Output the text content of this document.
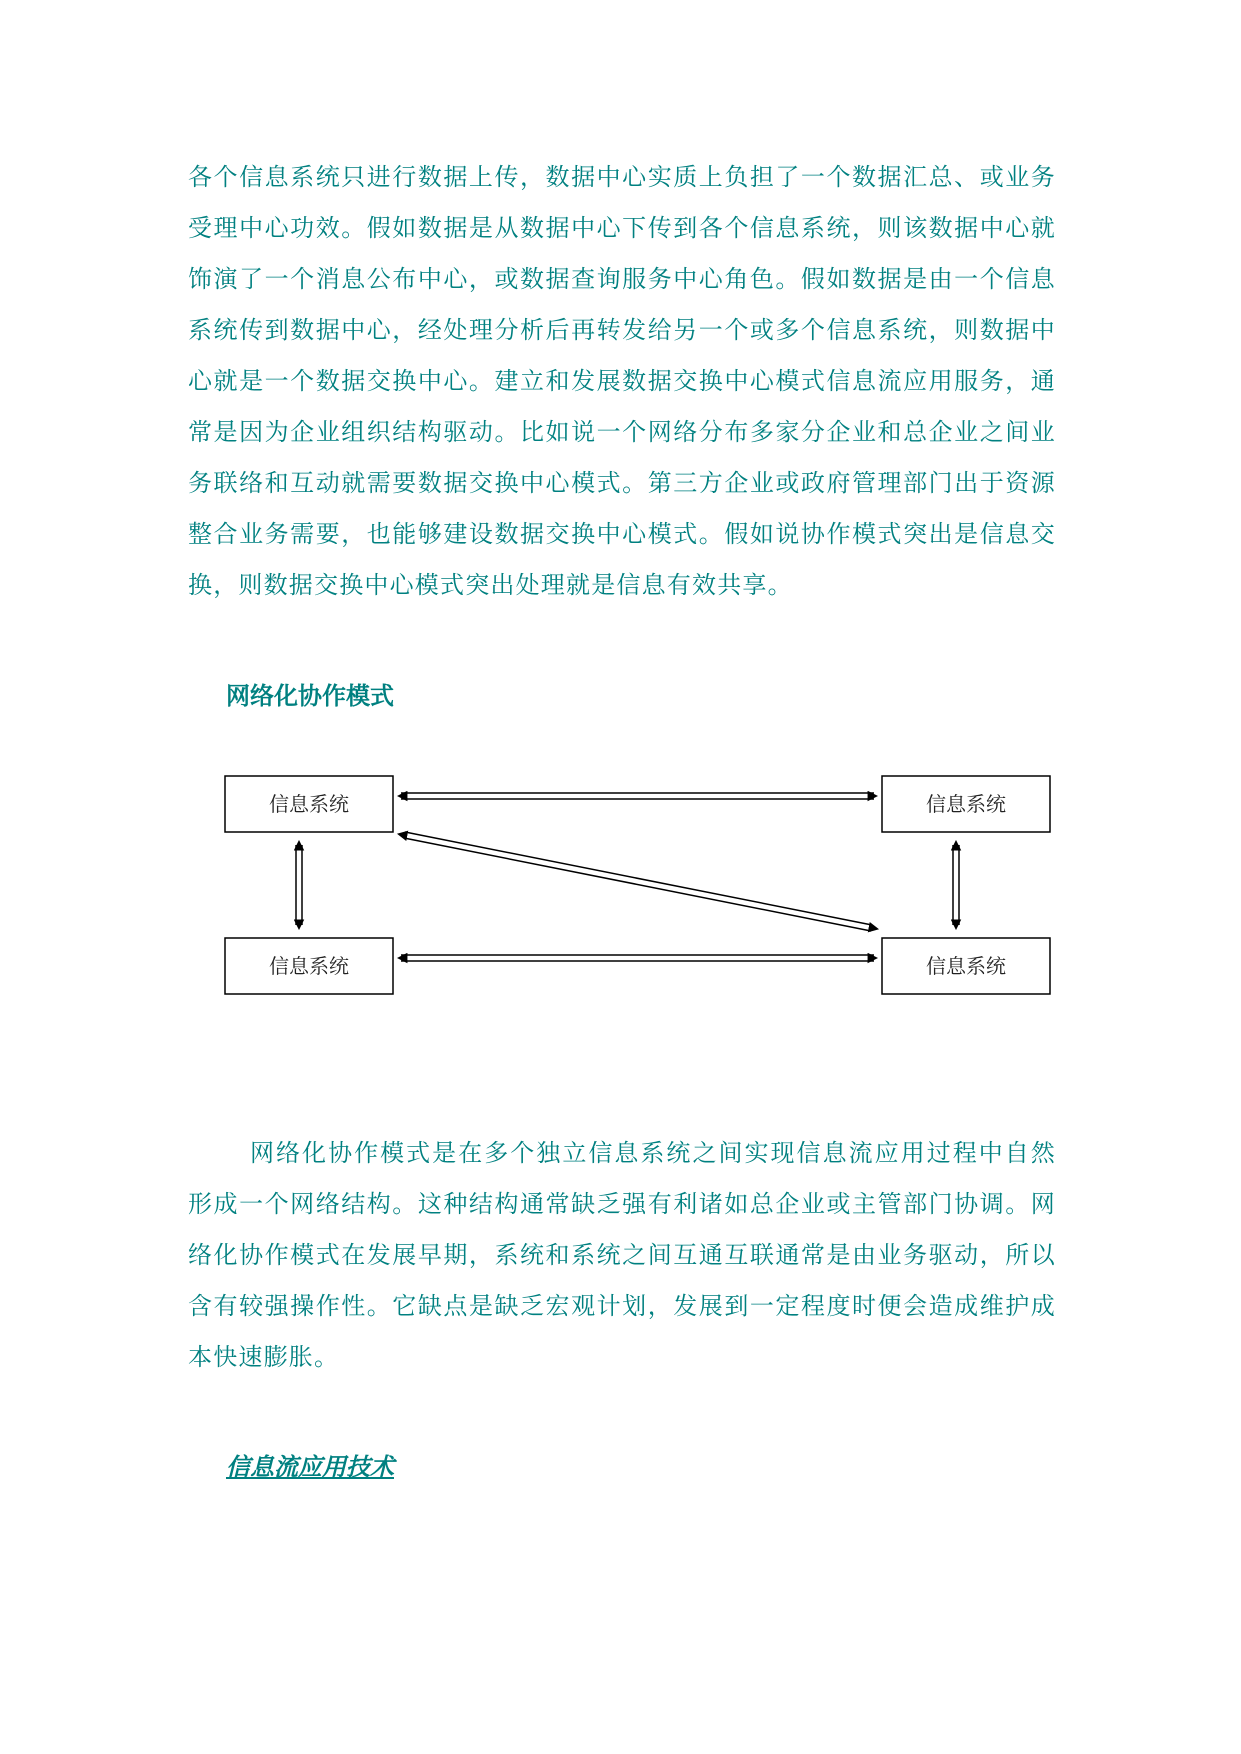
各个信息系统只进行数据上传，数据中心实质上负担了一个数据汇总、或业务受理中心功效。假如数据是从数据中心下传到各个信息系统，则该数据中心就饰演了一个消息公布中心，或数据查询服务中心角色。假如数据是由一个信息系统传到数据中心，经处理分析后再转发给另一个或多个信息系统，则数据中心就是一个数据交换中心。建立和发展数据交换中心模式信息流应用服务，通常是因为企业组织结构驱动。比如说一个网络分布多家分企业和总企业之间业务联络和互动就需要数据交换中心模式。第三方企业或政府管理部门出于资源整合业务需要，也能够建设数据交换中心模式。假如说协作模式突出是信息交换，则数据交换中心模式突出处理就是信息有效共享。

网络化协作模式
信息系统	信息系统
信息系统	信息系统

网络化协作模式是在多个独立信息系统之间实现信息流应用过程中自然形成一个网络结构。这种结构通常缺乏强有利诸如总企业或主管部门协调。网络化协作模式在发展早期，系统和系统之间互通互联通常是由业务驱动，所以含有较强操作性。它缺点是缺乏宏观计划，发展到一定程度时便会造成维护成本快速膨胀。

信息流应用技术
